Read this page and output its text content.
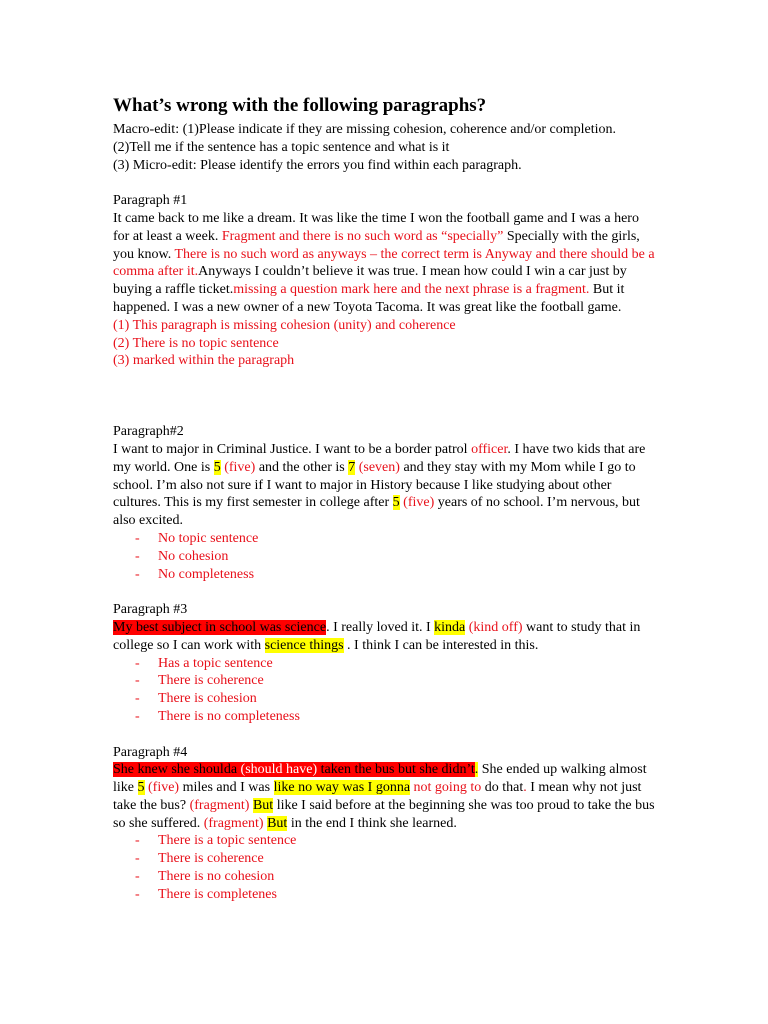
What’s wrong with the following paragraphs?

Macro-edit: (1)Please indicate if they are missing cohesion, coherence and/or completion.

(2)Tell me if the sentence has a topic sentence and what is it

(3) Micro-edit: Please identify the errors you find within each paragraph.

Paragraph #1

It came back to me like a dream. It was like the time I won the football game and I was a hero for at least a week. Fragment and there is no such word as “specially” Specially with the girls, you know. There is no such word as anyways – the correct term is Anyway and there should be a comma after it.Anyways I couldn’t believe it was true. I mean how could I win a car just by buying a raffle ticket.missing a question mark here and the next phrase is a fragment. But it happened. I was a new owner of a new Toyota Tacoma. It was great like the football game.

(1) This paragraph is missing cohesion (unity) and coherence

(2) There is no topic sentence

(3) marked within the paragraph

Paragraph#2

I want to major in Criminal Justice. I want to be a border patrol officer. I have two kids that are my world. One is 5 (five) and the other is 7 (seven) and they stay with my Mom while I go to school. I’m also not sure if I want to major in History because I like studying about other cultures. This is my first semester in college after 5 (five) years of no school. I’m nervous, but also excited.

- No topic sentence
- No cohesion
- No completeness

Paragraph #3

My best subject in school was science. I really loved it. I kinda (kind off) want to study that in college so I can work with science things . I think I can be interested in this.

- Has a topic sentence
- There is coherence
- There is cohesion
- There is no completeness

Paragraph #4

She knew she shoulda (should have) taken the bus but she didn’t. She ended up walking almost like 5 (five) miles and I was like no way was I gonna not going to do that. I mean why not just take the bus? (fragment) But like I said before at the beginning she was too proud to take the bus so she suffered. (fragment) But in the end I think she learned.

- There is a topic sentence
- There is coherence
- There is no cohesion
- There is completenes
